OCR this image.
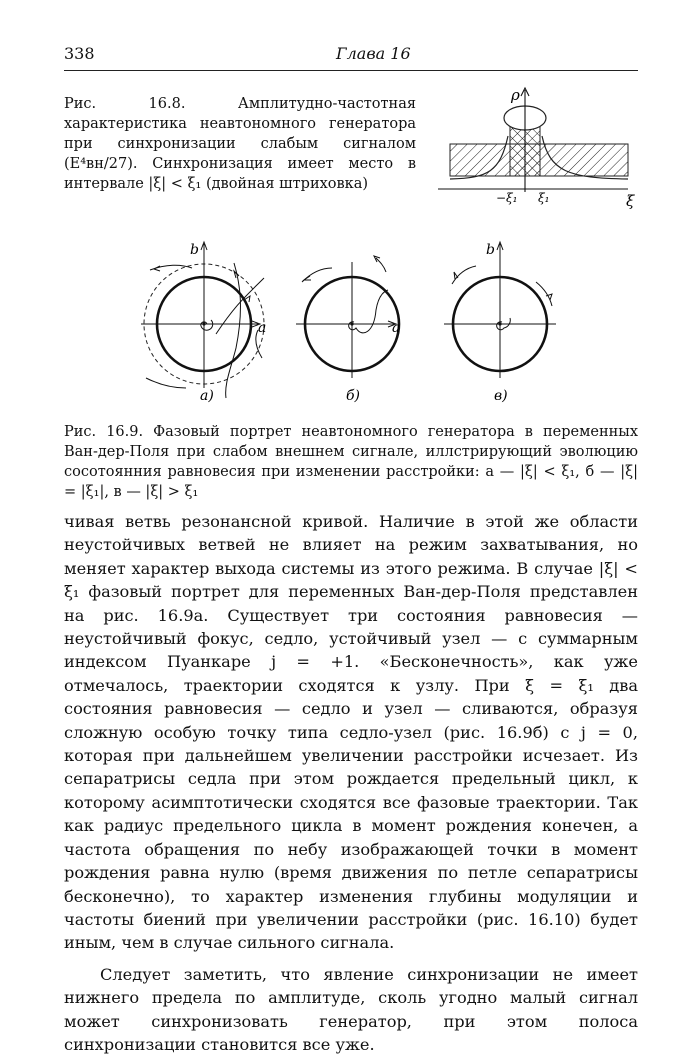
338	Глава 16
Рис. 16.8. Амплитудно-частотная характеристика неавтономного генератора при синхронизации слабым сигналом (E⁴вн/27). Синхронизация имеет место в интервале |ξ| < ξ₁ (двойная штриховка)
ρ
ξ
−ξ₁ ξ₁
b
a
а)
a
б)
b
в)
Рис. 16.9. Фазовый портрет неавтономного генератора в переменных Ван-дер-Поля при слабом внешнем сигнале, иллстрирующий эволюцию сосотоянния равновесия при изменении расстройки: а — |ξ| < ξ₁, б — |ξ| = |ξ₁|, в — |ξ| > ξ₁

чивая ветвь резонансной кривой. Наличие в этой же области неустойчивых ветвей не влияет на режим захватывания, но меняет характер выхода системы из этого режима. В случае |ξ| < ξ₁ фазовый портрет для переменных Ван-дер-Поля представлен на рис. 16.9а. Существует три состояния равновесия — неустойчивый фокус, седло, устойчивый узел — с суммарным индексом Пуанкаре j = +1. «Бесконечность», как уже отмечалось, траектории сходятся к узлу. При ξ = ξ₁ два состояния равновесия — седло и узел — сливаются, образуя сложную особую точку типа седло-узел (рис. 16.9б) с j = 0, которая при дальнейшем увеличении расстройки исчезает. Из сепаратрисы седла при этом рождается предельный цикл, к которому асимптотически сходятся все фазовые траектории. Так как радиус предельного цикла в момент рождения конечен, а частота обращения по небу изображающей точки в момент рождения равна нулю (время движения по петле сепаратрисы бесконечно), то характер изменения глубины модуляции и частоты биений при увеличении расстройки (рис. 16.10) будет иным, чем в случае сильного сигнала.

Следует заметить, что явление синхронизации не имеет нижнего предела по амплитуде, сколь угодно малый сигнал может синхронизовать генератор, при этом полоса синхронизации становится все уже.
